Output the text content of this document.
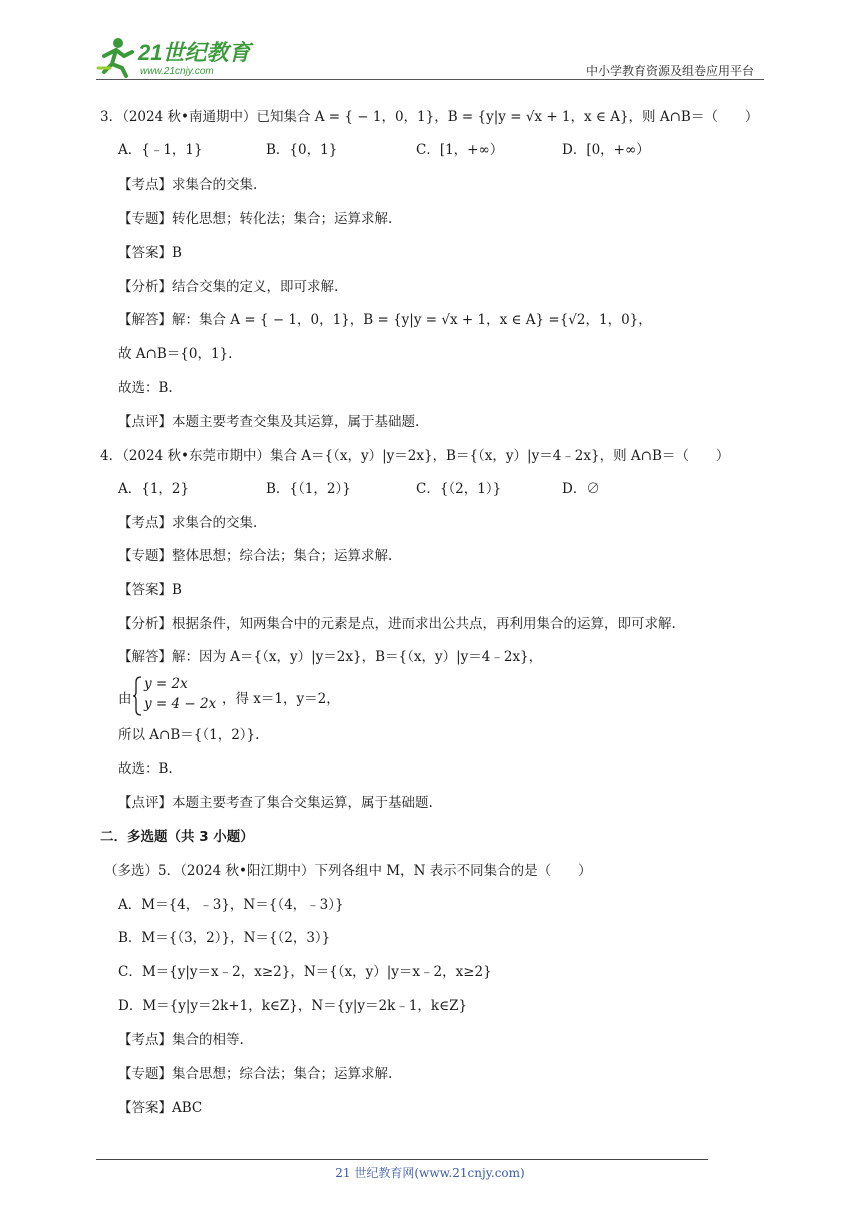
21世纪教育
www.21cnjy.com	中小学教育资源及组卷应用平台
3．（2024 秋•南通期中）已知集合 A = { − 1，0，1}，B = {y|y = √x + 1，x ∈ A}，则 A∩B＝（　　）
A．{﹣1，1}	B．{0，1}	C．[1，+∞）	D．[0，+∞）
【考点】求集合的交集.
【专题】转化思想；转化法；集合；运算求解.
【答案】B
【分析】结合交集的定义，即可求解.
【解答】解：集合 A = { − 1，0，1}，B = {y|y = √x + 1，x ∈ A} ={√2，1，0}，
故 A∩B＝{0，1}.
故选：B.
【点评】本题主要考查交集及其运算，属于基础题.
4．（2024 秋•东莞市期中）集合 A＝{（x，y）|y＝2x}，B＝{（x，y）|y＝4﹣2x}，则 A∩B＝（　　）
A．{1，2}	B．{（1，2）}	C．{（2，1）}	D．∅
【考点】求集合的交集.
【专题】整体思想；综合法；集合；运算求解.
【答案】B
【分析】根据条件，知两集合中的元素是点，进而求出公共点，再利用集合的运算，即可求解.
【解答】解：因为 A＝{（x，y）|y＝2x}，B＝{（x，y）|y＝4﹣2x}，
由
y = 2x
y = 4 − 2x ，得 x＝1，y＝2，
所以 A∩B＝{（1，2）}.
故选：B.
【点评】本题主要考查了集合交集运算，属于基础题.
二．多选题（共 3 小题）
（多选）5．（2024 秋•阳江期中）下列各组中 M，N 表示不同集合的是（　　）
A．M＝{4，﹣3}，N＝{（4，﹣3）}
B．M＝{（3，2）}，N＝{（2，3）}
C．M＝{y|y＝x﹣2，x≥2}，N＝{（x，y）|y＝x﹣2，x≥2}
D．M＝{y|y＝2k+1，k∈Z}，N＝{y|y＝2k﹣1，k∈Z}
【考点】集合的相等.
【专题】集合思想；综合法；集合；运算求解.
【答案】ABC
21 世纪教育网(www.21cnjy.com)
